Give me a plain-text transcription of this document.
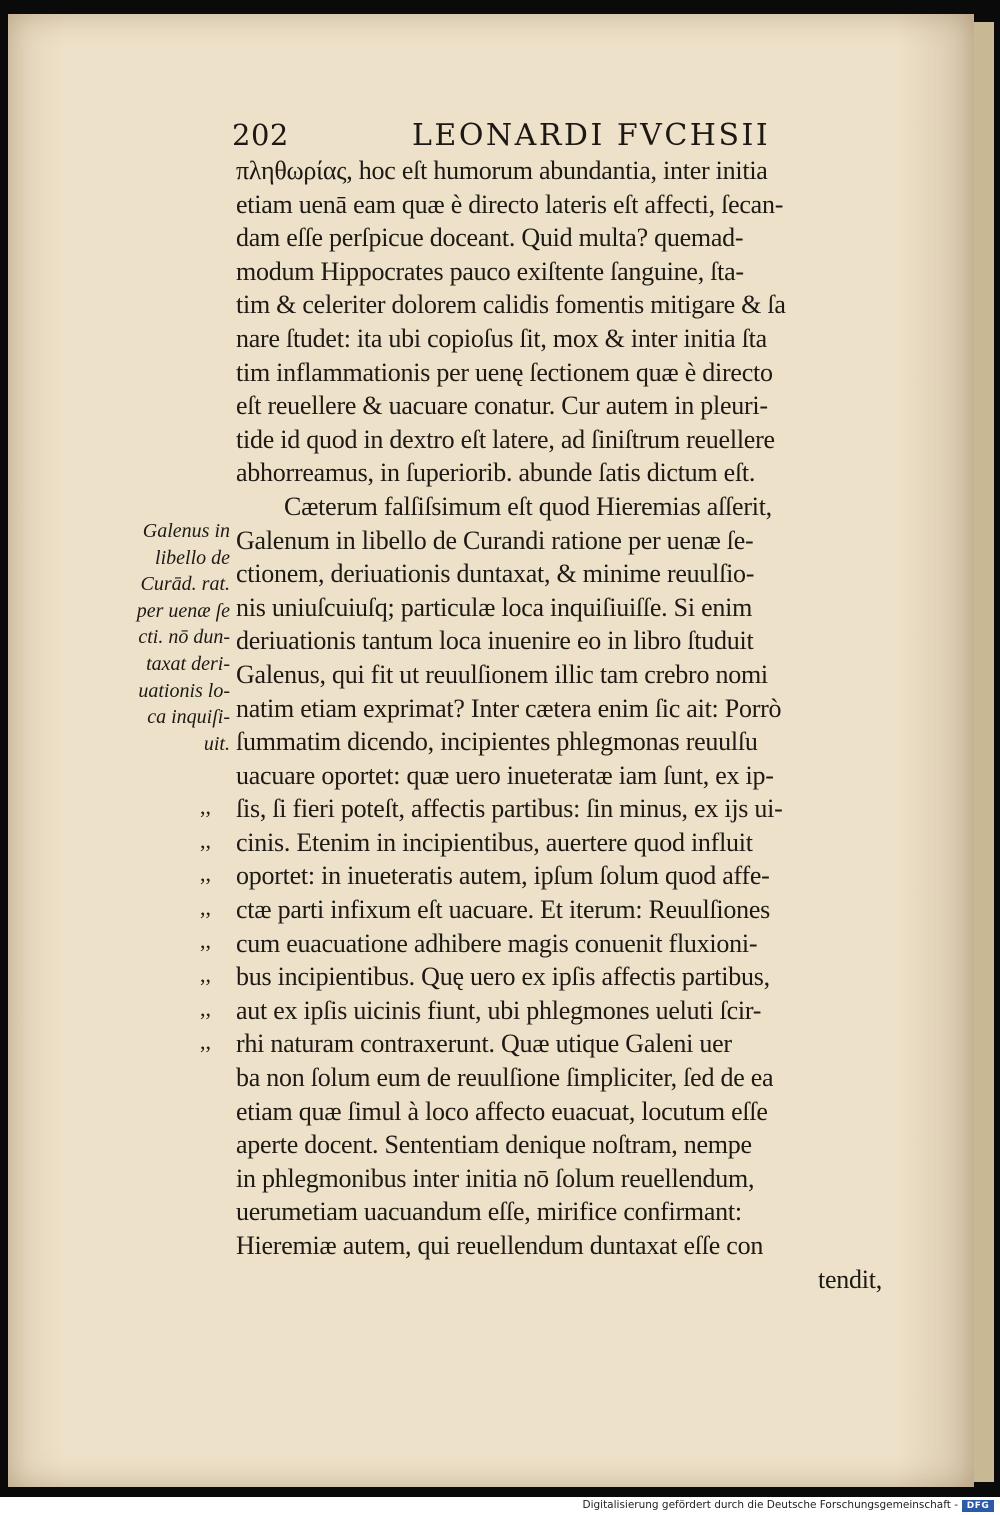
202	LEONARDI FVCHSII
πληθωρίας, hoc eſt humorum abundantia, inter initia
etiam uenā eam quæ è directo lateris eſt affecti, ſecan-
dam eſſe perſpicue doceant. Quid multa? quemad-
modum Hippocrates pauco exiſtente ſanguine, ſta-
tim & celeriter dolorem calidis fomentis mitigare & ſa
nare ſtudet: ita ubi copioſus ſit, mox & inter initia ſta
tim inflammationis per uenę ſectionem quæ è directo
eſt reuellere & uacuare conatur. Cur autem in pleuri-
tide id quod in dextro eſt latere, ad ſiniſtrum reuellere
abhorreamus, in ſuperiorib. abunde ſatis dictum eſt.
Cæterum falſiſsimum eſt quod Hieremias aſſerit,
Galenum in libello de Curandi ratione per uenæ ſe-
ctionem, deriuationis duntaxat, & minime reuulſio-
nis uniuſcuiuſq; particulæ loca inquiſiuiſſe. Si enim
deriuationis tantum loca inuenire eo in libro ſtuduit
Galenus, qui fit ut reuulſionem illic tam crebro nomi
natim etiam exprimat? Inter cætera enim ſic ait: Porrò
ſummatim dicendo, incipientes phlegmonas reuulſu
uacuare oportet: quæ uero inueteratæ iam ſunt, ex ip-
ſis, ſi fieri poteſt, affectis partibus: ſin minus, ex ijs ui-
cinis. Etenim in incipientibus, auertere quod influit
oportet: in inueteratis autem, ipſum ſolum quod affe-
ctæ parti infixum eſt uacuare. Et iterum: Reuulſiones
cum euacuatione adhibere magis conuenit fluxioni-
bus incipientibus. Quę uero ex ipſis affectis partibus,
aut ex ipſis uicinis fiunt, ubi phlegmones ueluti ſcir-
rhi naturam contraxerunt. Quæ utique Galeni uer
ba non ſolum eum de reuulſione ſimpliciter, ſed de ea
etiam quæ ſimul à loco affecto euacuat, locutum eſſe
aperte docent. Sententiam denique noſtram, nempe
in phlegmonibus inter initia nō ſolum reuellendum,
uerumetiam uacuandum eſſe, mirifice confirmant:
Hieremiæ autem, qui reuellendum duntaxat eſſe con
tendit,
Galenus in
libello de
Curād. rat.
per uenæ ſe
cti. nō dun-
taxat deri-
uationis lo-
ca inquiſi-
uit.
,,
,,
,,
,,
,,
,,
,,
,,
Digitalisierung gefördert durch die Deutsche Forschungsgemeinschaft - DFG
